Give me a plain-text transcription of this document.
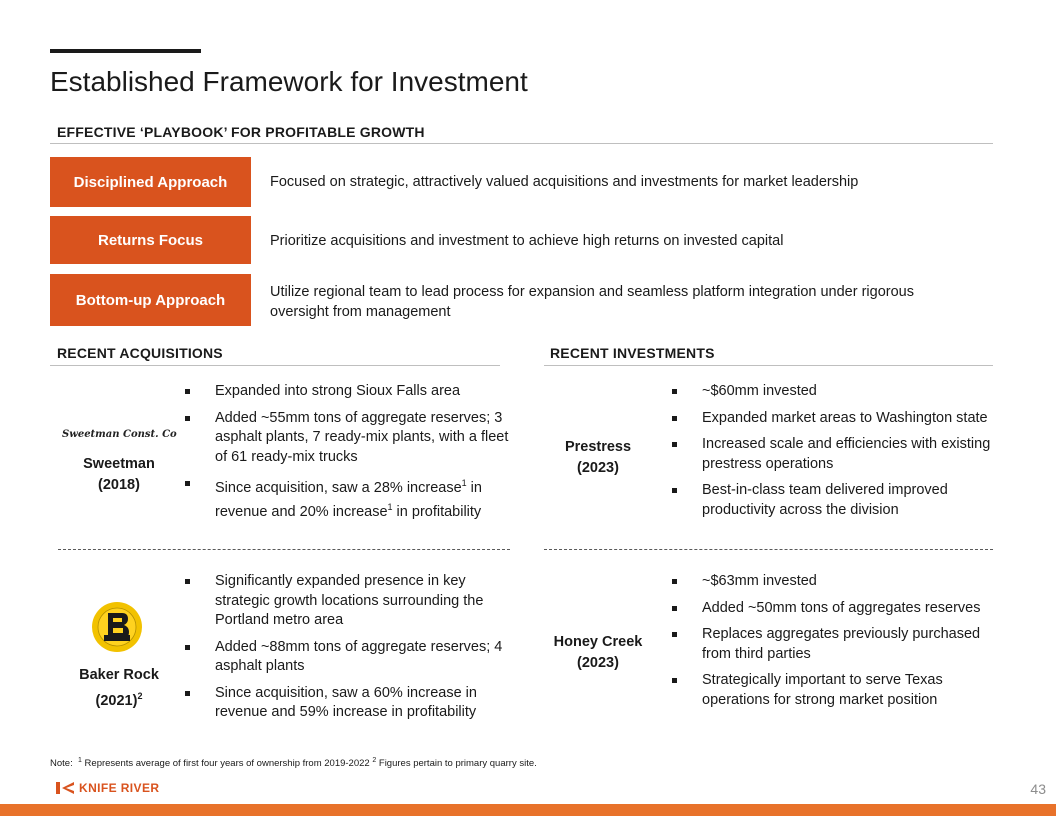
Established Framework for Investment
EFFECTIVE ‘PLAYBOOK’ FOR PROFITABLE GROWTH
Disciplined Approach	Focused on strategic, attractively valued acquisitions and investments for market leadership
Returns Focus	Prioritize acquisitions and investment to achieve high returns on invested capital
Bottom-up Approach	Utilize regional team to lead process for expansion and seamless platform integration under rigorous oversight from management
RECENT ACQUISITIONS
Sweetman Const. Co
Sweetman
(2018)
Expanded into strong Sioux Falls area
Added ~55mm tons of aggregate reserves; 3 asphalt plants, 7 ready-mix plants, with a fleet of 61 ready-mix trucks
Since acquisition, saw a 28% increase$^1$ in revenue and 20% increase$^1$ in profitability
Baker Rock
$(2021)^2$
Significantly expanded presence in key strategic growth locations surrounding the Portland metro area
Added ~88mm tons of aggregate reserves; 4 asphalt plants
Since acquisition, saw a 60% increase in revenue and 59% increase in profitability
RECENT INVESTMENTS
Prestress
(2023)
~$60mm invested
Expanded market areas to Washington state
Increased scale and efficiencies with existing prestress operations
Best-in-class team delivered improved productivity across the division
Honey Creek
(2023)
~$63mm invested
Added ~50mm tons of aggregates reserves
Replaces aggregates previously purchased from third parties
Strategically important to serve Texas operations for strong market position
Note: $^1$ Represents average of first four years of ownership from 2019-2022 $^2$ Figures pertain to primary quarry site.
KNIFE RIVER	43
